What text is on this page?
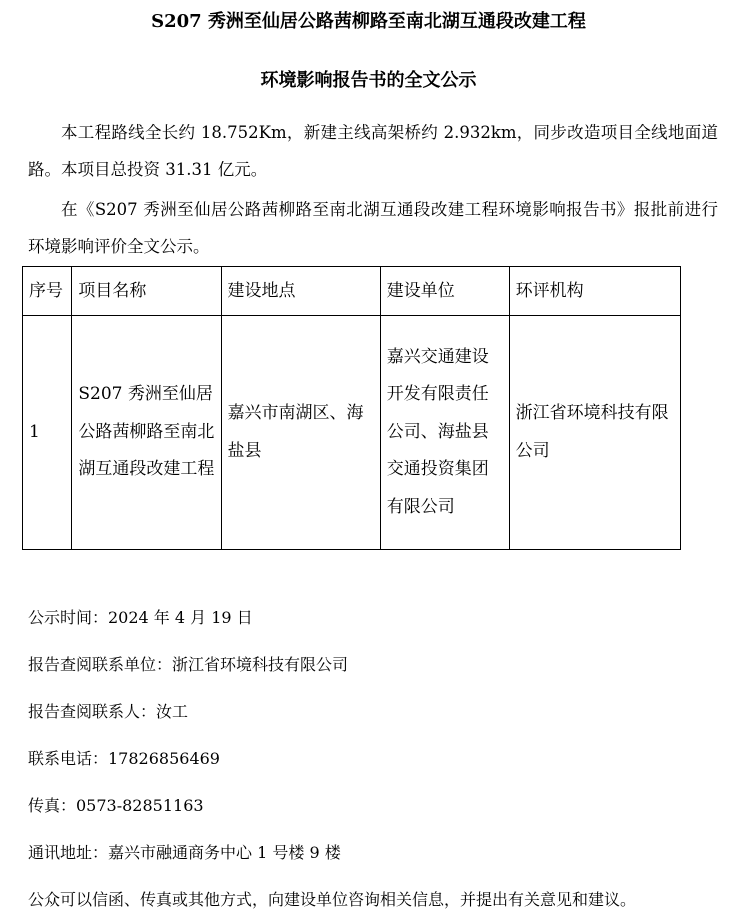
S207 秀洲至仙居公路茜柳路至南北湖互通段改建工程
环境影响报告书的全文公示

本工程路线全长约 18.752Km，新建主线高架桥约 2.932km，同步改造项目全线地面道路。本项目总投资 31.31 亿元。

在《S207 秀洲至仙居公路茜柳路至南北湖互通段改建工程环境影响报告书》报批前进行环境影响评价全文公示。

序号	项目名称	建设地点	建设单位	环评机构
1	S207 秀洲至仙居公路茜柳路至南北湖互通段改建工程	嘉兴市南湖区、海盐县	嘉兴交通建设开发有限责任公司、海盐县交通投资集团有限公司	浙江省环境科技有限公司
公示时间：2024 年 4 月 19 日
报告查阅联系单位：浙江省环境科技有限公司
报告查阅联系人：汝工
联系电话：17826856469
传真：0573-82851163
通讯地址：嘉兴市融通商务中心 1 号楼 9 楼
公众可以信函、传真或其他方式，向建设单位咨询相关信息，并提出有关意见和建议。
